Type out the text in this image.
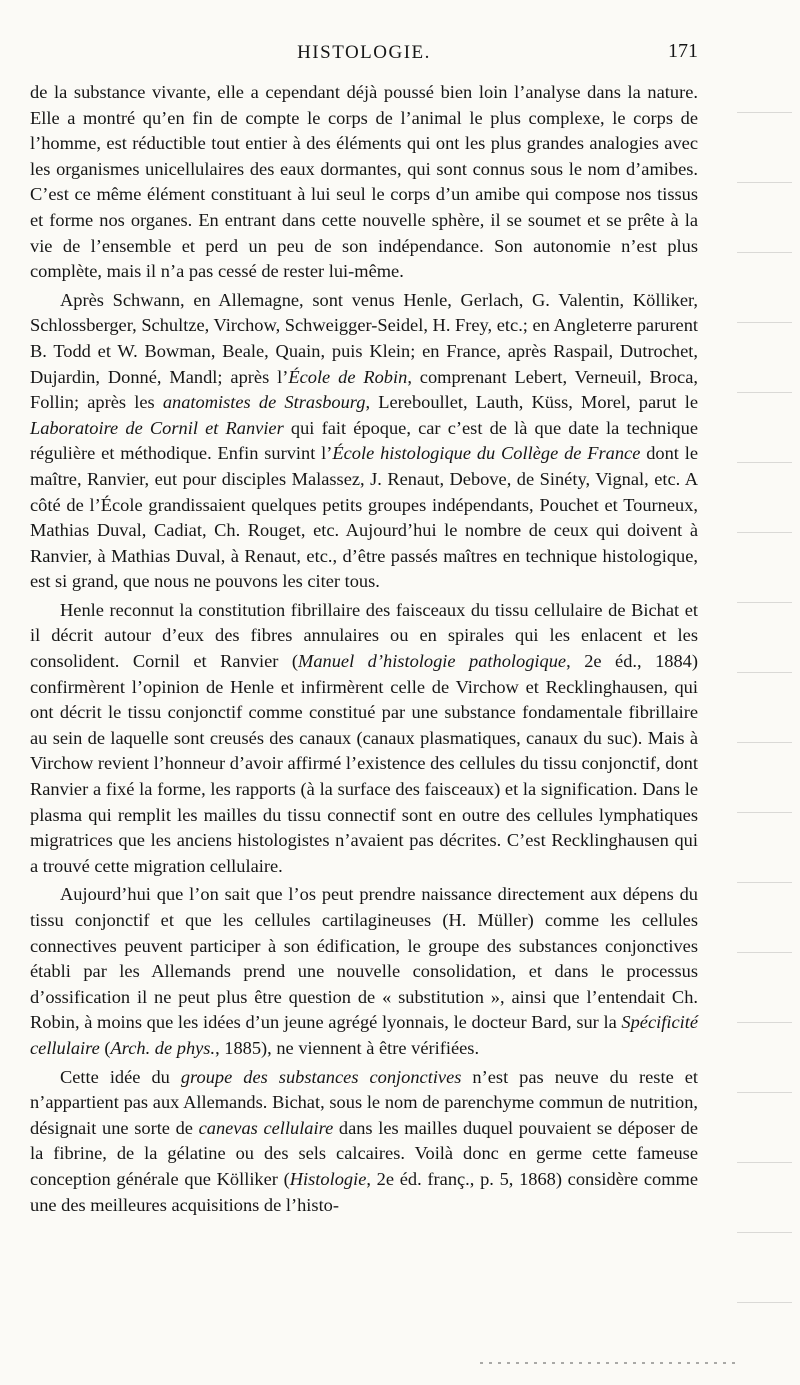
HISTOLOGIE.	171

de la substance vivante, elle a cependant déjà poussé bien loin l’analyse dans la nature. Elle a montré qu’en fin de compte le corps de l’animal le plus complexe, le corps de l’homme, est réductible tout entier à des éléments qui ont les plus grandes analogies avec les organismes unicellulaires des eaux dormantes, qui sont connus sous le nom d’amibes. C’est ce même élément constituant à lui seul le corps d’un amibe qui compose nos tissus et forme nos organes. En entrant dans cette nouvelle sphère, il se soumet et se prête à la vie de l’ensemble et perd un peu de son indépendance. Son autonomie n’est plus complète, mais il n’a pas cessé de rester lui-même.

Après Schwann, en Allemagne, sont venus Henle, Gerlach, G. Valentin, Kölliker, Schlossberger, Schultze, Virchow, Schweigger-Seidel, H. Frey, etc.; en Angleterre parurent B. Todd et W. Bowman, Beale, Quain, puis Klein; en France, après Raspail, Dutrochet, Dujardin, Donné, Mandl; après l’École de Robin, comprenant Lebert, Verneuil, Broca, Follin; après les anatomistes de Strasbourg, Lereboullet, Lauth, Küss, Morel, parut le Laboratoire de Cornil et Ranvier qui fait époque, car c’est de là que date la technique régulière et méthodique. Enfin survint l’École histologique du Collège de France dont le maître, Ranvier, eut pour disciples Malassez, J. Renaut, Debove, de Sinéty, Vignal, etc. A côté de l’École grandissaient quelques petits groupes indépendants, Pouchet et Tourneux, Mathias Duval, Cadiat, Ch. Rouget, etc. Aujourd’hui le nombre de ceux qui doivent à Ranvier, à Mathias Duval, à Renaut, etc., d’être passés maîtres en technique histologique, est si grand, que nous ne pouvons les citer tous.

Henle reconnut la constitution fibrillaire des faisceaux du tissu cellulaire de Bichat et il décrit autour d’eux des fibres annulaires ou en spirales qui les enlacent et les consolident. Cornil et Ranvier (Manuel d’histologie pathologique, 2e éd., 1884) confirmèrent l’opinion de Henle et infirmèrent celle de Virchow et Recklinghausen, qui ont décrit le tissu conjonctif comme constitué par une substance fondamentale fibrillaire au sein de laquelle sont creusés des canaux (canaux plasmatiques, canaux du suc). Mais à Virchow revient l’honneur d’avoir affirmé l’existence des cellules du tissu conjonctif, dont Ranvier a fixé la forme, les rapports (à la surface des faisceaux) et la signification. Dans le plasma qui remplit les mailles du tissu connectif sont en outre des cellules lymphatiques migratrices que les anciens histologistes n’avaient pas décrites. C’est Recklinghausen qui a trouvé cette migration cellulaire.

Aujourd’hui que l’on sait que l’os peut prendre naissance directement aux dépens du tissu conjonctif et que les cellules cartilagineuses (H. Müller) comme les cellules connectives peuvent participer à son édification, le groupe des substances conjonctives établi par les Allemands prend une nouvelle consolidation, et dans le processus d’ossification il ne peut plus être question de « substitution », ainsi que l’entendait Ch. Robin, à moins que les idées d’un jeune agrégé lyonnais, le docteur Bard, sur la Spécificité cellulaire (Arch. de phys., 1885), ne viennent à être vérifiées.

Cette idée du groupe des substances conjonctives n’est pas neuve du reste et n’appartient pas aux Allemands. Bichat, sous le nom de parenchyme commun de nutrition, désignait une sorte de canevas cellulaire dans les mailles duquel pouvaient se déposer de la fibrine, de la gélatine ou des sels calcaires. Voilà donc en germe cette fameuse conception générale que Kölliker (Histologie, 2e éd. franç., p. 5, 1868) considère comme une des meilleures acquisitions de l’histo-
